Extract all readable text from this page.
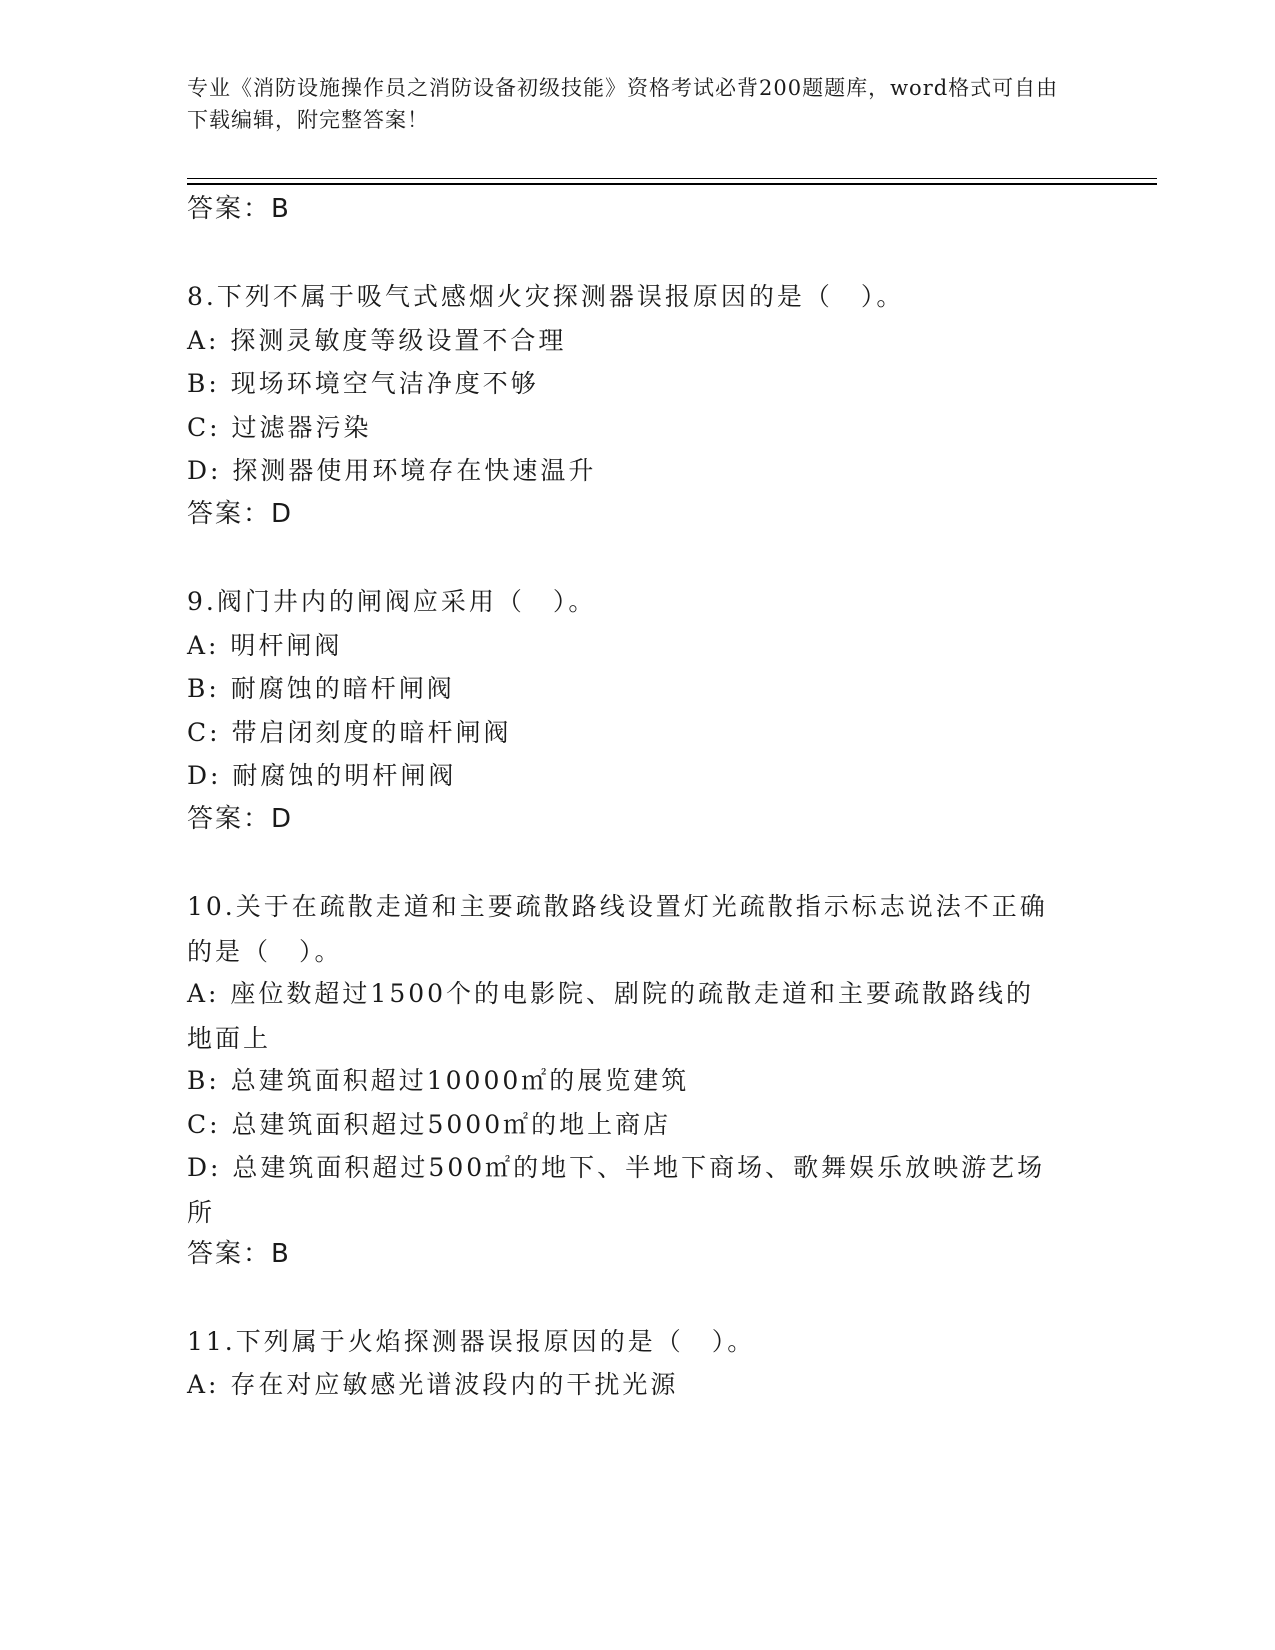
专业《消防设施操作员之消防设备初级技能》资格考试必背200题题库，word格式可自由下载编辑，附完整答案！
答案：B
8.下列不属于吸气式感烟火灾探测器误报原因的是（　）。
A: 探测灵敏度等级设置不合理
B: 现场环境空气洁净度不够
C: 过滤器污染
D: 探测器使用环境存在快速温升
答案：D
9.阀门井内的闸阀应采用（　）。
A: 明杆闸阀
B: 耐腐蚀的暗杆闸阀
C: 带启闭刻度的暗杆闸阀
D: 耐腐蚀的明杆闸阀
答案：D
10.关于在疏散走道和主要疏散路线设置灯光疏散指示标志说法不正确的是（　）。
A: 座位数超过1500个的电影院、剧院的疏散走道和主要疏散路线的地面上
B: 总建筑面积超过10000㎡的展览建筑
C: 总建筑面积超过5000㎡的地上商店
D: 总建筑面积超过500㎡的地下、半地下商场、歌舞娱乐放映游艺场所
答案：B
11.下列属于火焰探测器误报原因的是（　）。
A: 存在对应敏感光谱波段内的干扰光源
